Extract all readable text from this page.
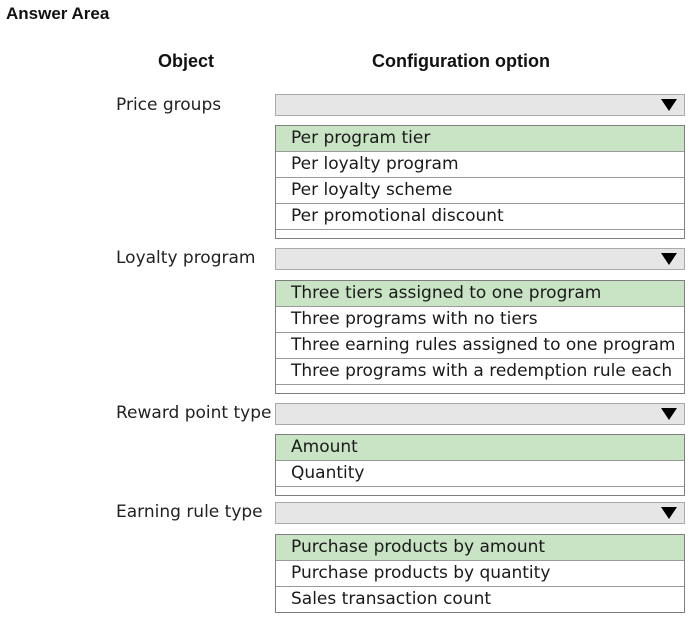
Answer Area
Object	Configuration option
Price groups
Per program tier
Per loyalty program
Per loyalty scheme
Per promotional discount
Loyalty program
Three tiers assigned to one program
Three programs with no tiers
Three earning rules assigned to one program
Three programs with a redemption rule each
Reward point type
Amount
Quantity
Earning rule type
Purchase products by amount
Purchase products by quantity
Sales transaction count
